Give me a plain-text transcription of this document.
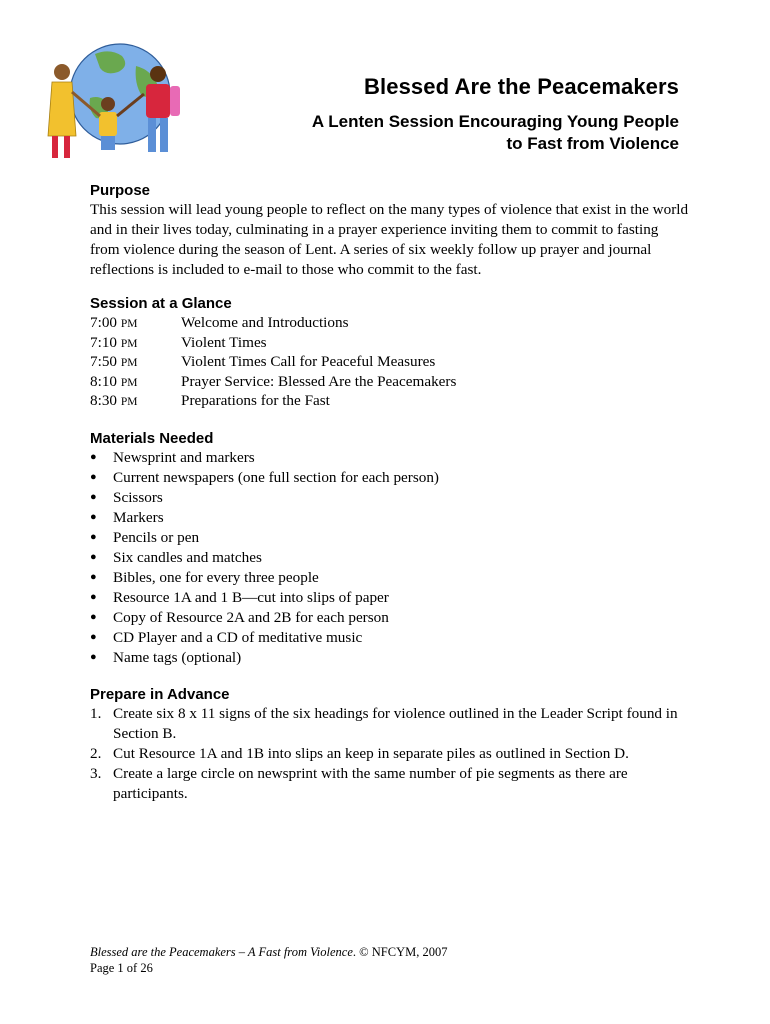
Blessed Are the Peacemakers
A Lenten Session Encouraging Young People
to Fast from Violence
Purpose
This session will lead young people to reflect on the many types of violence that exist in the world and in their lives today, culminating in a prayer experience inviting them to commit to fasting from violence during the season of Lent. A series of six weekly follow up prayer and journal reflections is included to e-mail to those who commit to the fast.
Session at a Glance
7:00 PM	Welcome and Introductions
7:10 PM	Violent Times
7:50 PM	Violent Times Call for Peaceful Measures
8:10 PM	Prayer Service: Blessed Are the Peacemakers
8:30 PM	Preparations for the Fast
Materials Needed
●	Newsprint and markers
●	Current newspapers (one full section for each person)
●	Scissors
●	Markers
●	Pencils or pen
●	Six candles and matches
●	Bibles, one for every three people
●	Resource 1A and 1 B—cut into slips of paper
●	Copy of Resource 2A and 2B for each person
●	CD Player and a CD of meditative music
●	Name tags (optional)
Prepare in Advance
1. Create six 8 x 11 signs of the six headings for violence outlined in the Leader Script found in Section B.
2. Cut Resource 1A and 1B into slips an keep in separate piles as outlined in Section D.
3. Create a large circle on newsprint with the same number of pie segments as there are participants.
Blessed are the Peacemakers – A Fast from Violence. © NFCYM, 2007
Page 1 of 26
